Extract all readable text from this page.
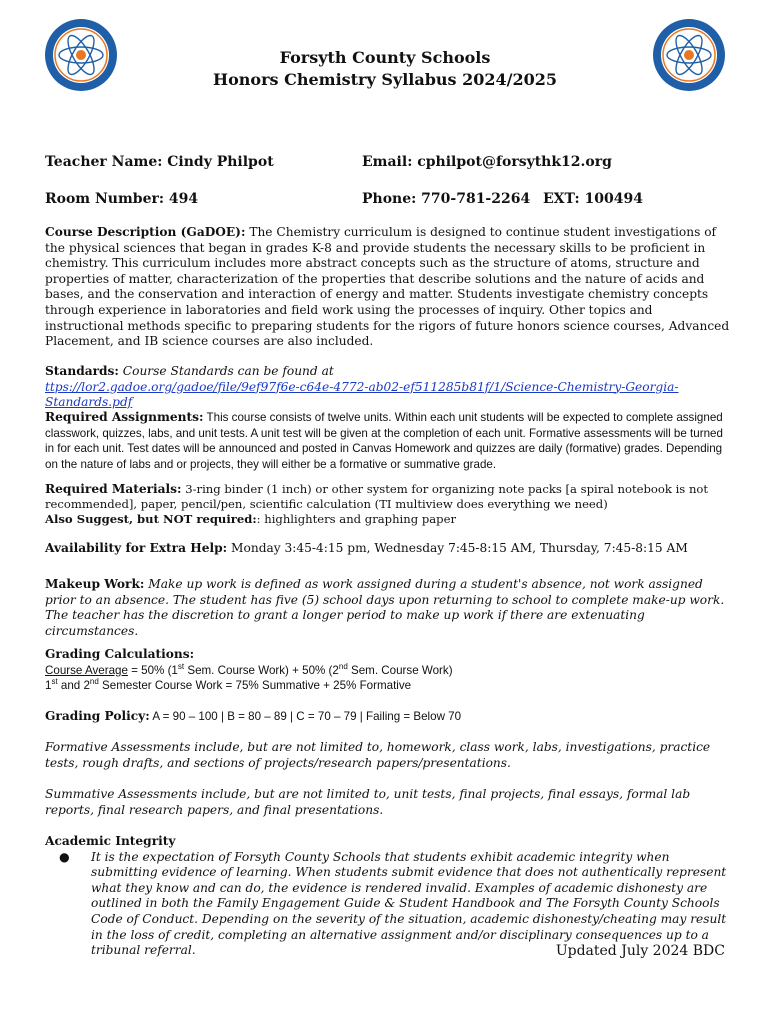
Forsyth County Schools
Honors Chemistry Syllabus 2024/2025
Teacher Name: Cindy Philpot	Email: cphilpot@forsythk12.org
Room Number: 494	Phone: 770-781-2264 EXT: 100494
Course Description (GaDOE): The Chemistry curriculum is designed to continue student investigations of the physical sciences that began in grades K-8 and provide students the necessary skills to be proficient in chemistry. This curriculum includes more abstract concepts such as the structure of atoms, structure and properties of matter, characterization of the properties that describe solutions and the nature of acids and bases, and the conservation and interaction of energy and matter. Students investigate chemistry concepts through experience in laboratories and field work using the processes of inquiry. Other topics and instructional methods specific to preparing students for the rigors of future honors science courses, Advanced Placement, and IB science courses are also included.
Standards: Course Standards can be found at
ttps://lor2.gadoe.org/gadoe/file/9ef97f6e-c64e-4772-ab02-ef511285b81f/1/Science-Chemistry-Georgia-Standards.pdf
Required Assignments: This course consists of twelve units. Within each unit students will be expected to complete assigned classwork, quizzes, labs, and unit tests. A unit test will be given at the completion of each unit. Formative assessments will be turned in for each unit. Test dates will be announced and posted in Canvas Homework and quizzes are daily (formative) grades. Depending on the nature of labs and or projects, they will either be a formative or summative grade.
Required Materials: 3-ring binder (1 inch) or other system for organizing note packs [a spiral notebook is not recommended], paper, pencil/pen, scientific calculation (TI multiview does everything we need)
Also Suggest, but NOT required:: highlighters and graphing paper
Availability for Extra Help: Monday 3:45-4:15 pm, Wednesday 7:45-8:15 AM, Thursday, 7:45-8:15 AM
Makeup Work: Make up work is defined as work assigned during a student's absence, not work assigned prior to an absence. The student has five (5) school days upon returning to school to complete make-up work. The teacher has the discretion to grant a longer period to make up work if there are extenuating circumstances.
Grading Calculations:
Course Average = 50% (1st Sem. Course Work) + 50% (2nd Sem. Course Work)
1st and 2nd Semester Course Work = 75% Summative + 25% Formative
Grading Policy: A = 90 – 100 | B = 80 – 89 | C = 70 – 79 | Failing = Below 70
Formative Assessments include, but are not limited to, homework, class work, labs, investigations, practice tests, rough drafts, and sections of projects/research papers/presentations.
Summative Assessments include, but are not limited to, unit tests, final projects, final essays, formal lab reports, final research papers, and final presentations.
Academic Integrity
● It is the expectation of Forsyth County Schools that students exhibit academic integrity when submitting evidence of learning. When students submit evidence that does not authentically represent what they know and can do, the evidence is rendered invalid. Examples of academic dishonesty are outlined in both the Family Engagement Guide & Student Handbook and The Forsyth County Schools Code of Conduct. Depending on the severity of the situation, academic dishonesty/cheating may result in the loss of credit, completing an alternative assignment and/or disciplinary consequences up to a tribunal referral.	Updated July 2024 BDC
